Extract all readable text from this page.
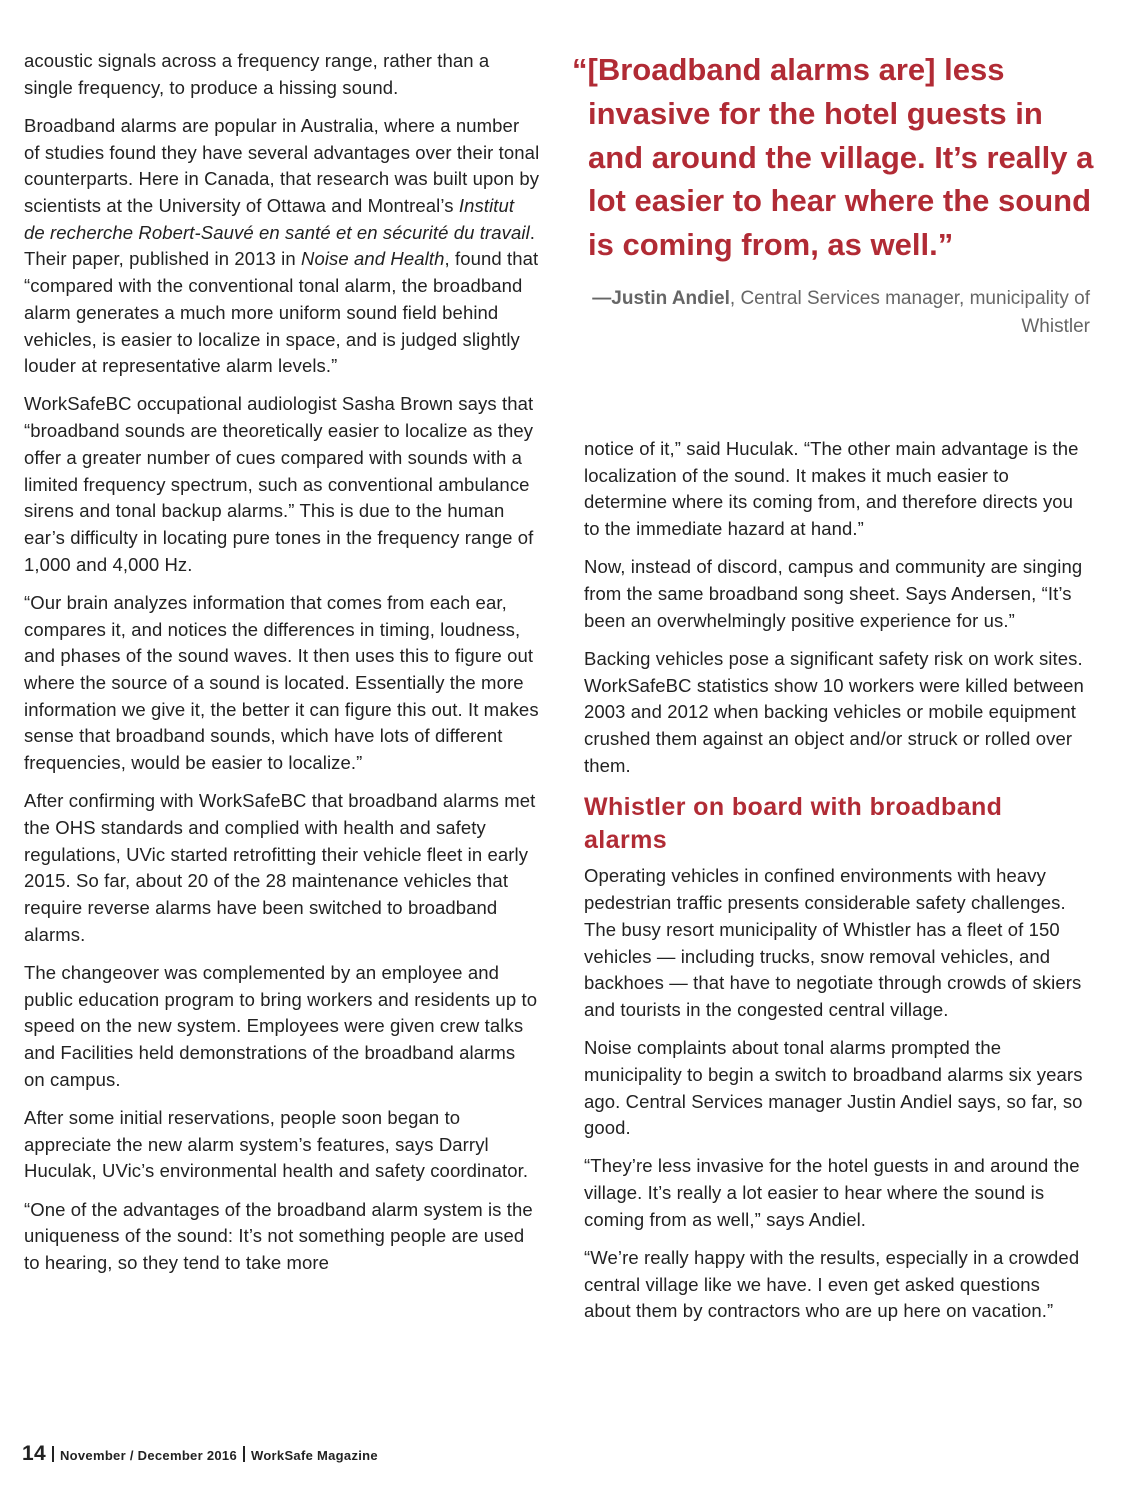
acoustic signals across a frequency range, rather than a single frequency, to produce a hissing sound.

Broadband alarms are popular in Australia, where a number of studies found they have several advantages over their tonal counterparts. Here in Canada, that research was built upon by scientists at the University of Ottawa and Montreal’s Institut de recherche Robert-Sauvé en santé et en sécurité du travail. Their paper, published in 2013 in Noise and Health, found that “compared with the conventional tonal alarm, the broadband alarm generates a much more uniform sound field behind vehicles, is easier to localize in space, and is judged slightly louder at representative alarm levels.”

WorkSafeBC occupational audiologist Sasha Brown says that “broadband sounds are theoretically easier to localize as they offer a greater number of cues compared with sounds with a limited frequency spectrum, such as conventional ambulance sirens and tonal backup alarms.” This is due to the human ear’s difficulty in locating pure tones in the frequency range of 1,000 and 4,000 Hz.

“Our brain analyzes information that comes from each ear, compares it, and notices the differences in timing, loudness, and phases of the sound waves. It then uses this to figure out where the source of a sound is located. Essentially the more information we give it, the better it can figure this out. It makes sense that broadband sounds, which have lots of different frequencies, would be easier to localize.”

After confirming with WorkSafeBC that broadband alarms met the OHS standards and complied with health and safety regulations, UVic started retrofitting their vehicle fleet in early 2015. So far, about 20 of the 28 maintenance vehicles that require reverse alarms have been switched to broadband alarms.

The changeover was complemented by an employee and public education program to bring workers and residents up to speed on the new system. Employees were given crew talks and Facilities held demonstrations of the broadband alarms on campus.

After some initial reservations, people soon began to appreciate the new alarm system’s features, says Darryl Huculak, UVic’s environmental health and safety coordinator.

“One of the advantages of the broadband alarm system is the uniqueness of the sound: It’s not something people are used to hearing, so they tend to take more

“[Broadband alarms are] less invasive for the hotel guests in and around the village. It’s really a lot easier to hear where the sound is coming from, as well.”
—Justin Andiel, Central Services manager, municipality of Whistler

notice of it,” said Huculak. “The other main advantage is the localization of the sound. It makes it much easier to determine where its coming from, and therefore directs you to the immediate hazard at hand.”

Now, instead of discord, campus and community are singing from the same broadband song sheet. Says Andersen, “It’s been an overwhelmingly positive experience for us.”

Backing vehicles pose a significant safety risk on work sites. WorkSafeBC statistics show 10 workers were killed between 2003 and 2012 when backing vehicles or mobile equipment crushed them against an object and/or struck or rolled over them.

Whistler on board with broadband alarms

Operating vehicles in confined environments with heavy pedestrian traffic presents considerable safety challenges. The busy resort municipality of Whistler has a fleet of 150 vehicles — including trucks, snow removal vehicles, and backhoes — that have to negotiate through crowds of skiers and tourists in the congested central village.

Noise complaints about tonal alarms prompted the municipality to begin a switch to broadband alarms six years ago. Central Services manager Justin Andiel says, so far, so good.

“They’re less invasive for the hotel guests in and around the village. It’s really a lot easier to hear where the sound is coming from as well,” says Andiel.

“We’re really happy with the results, especially in a crowded central village like we have. I even get asked questions about them by contractors who are up here on vacation.”

14 November / December 2016 WorkSafe Magazine
